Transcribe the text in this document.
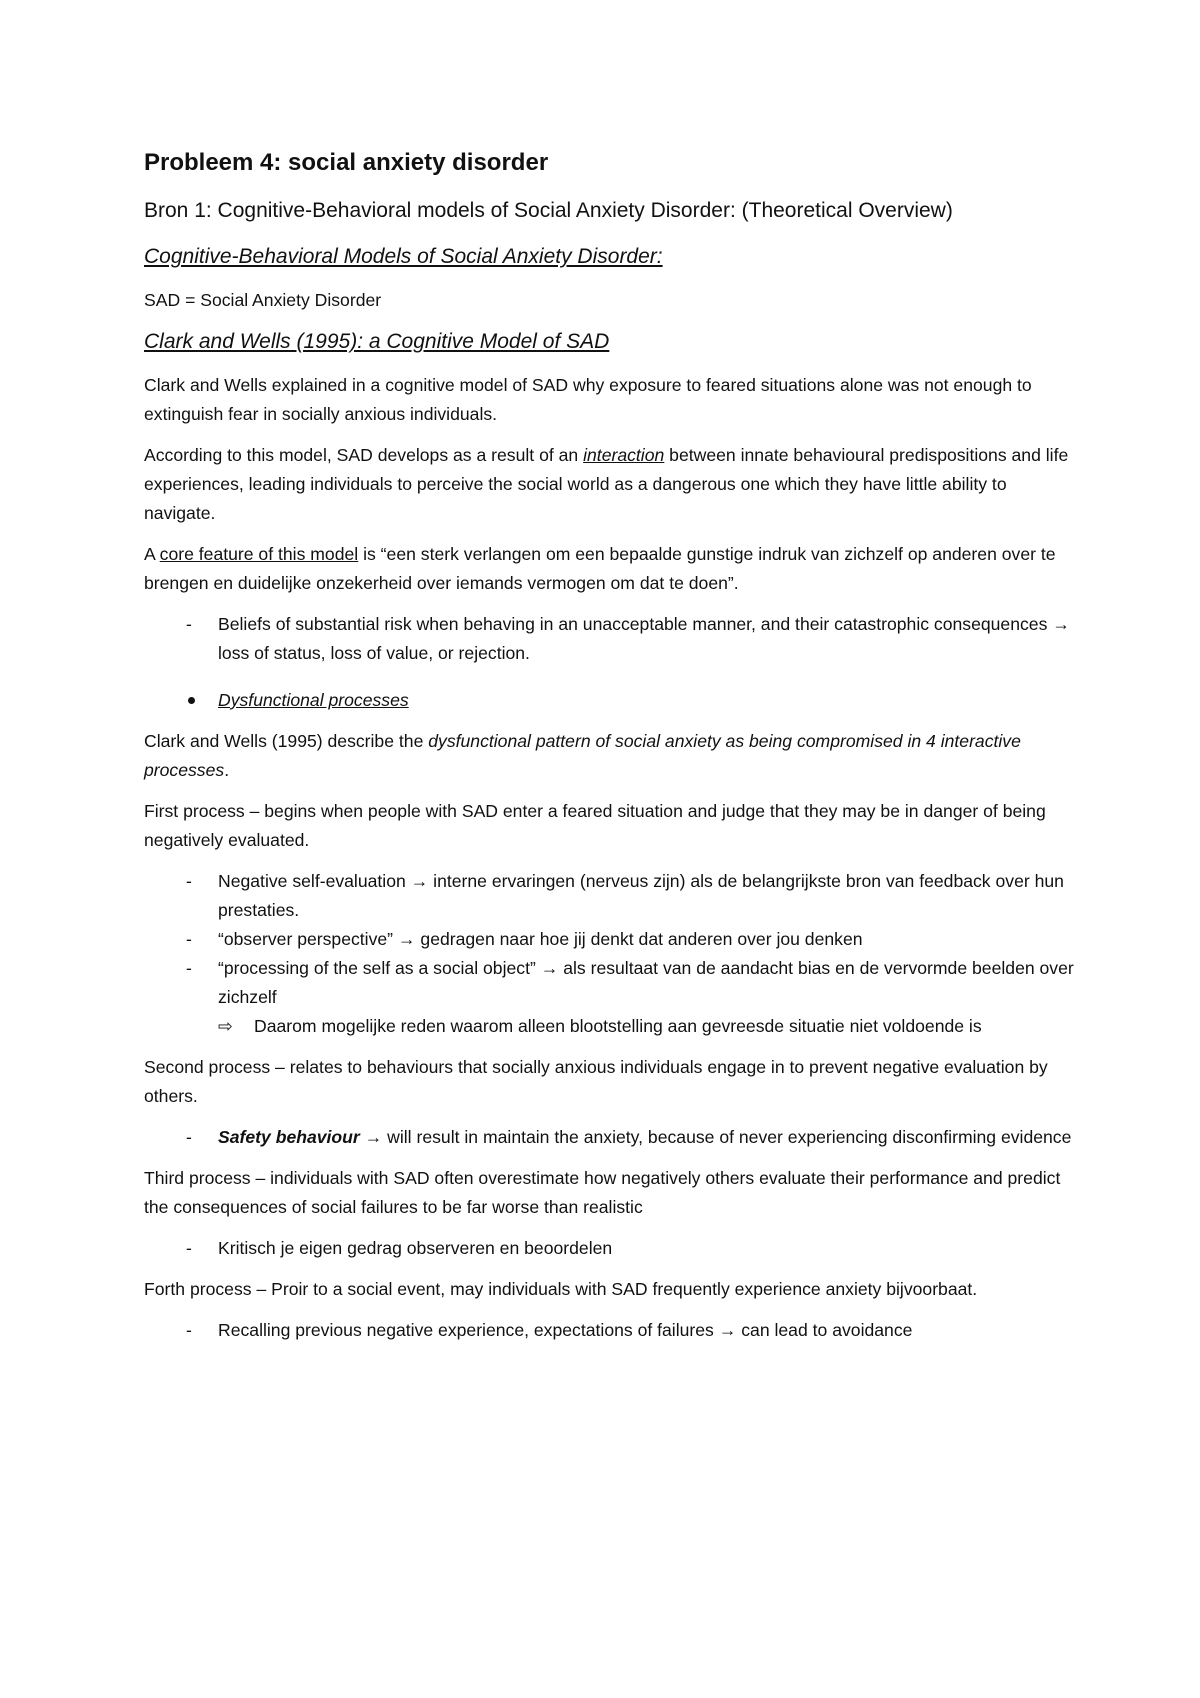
Probleem 4: social anxiety disorder
Bron 1: Cognitive-Behavioral models of Social Anxiety Disorder: (Theoretical Overview)
Cognitive-Behavioral Models of Social Anxiety Disorder:

SAD = Social Anxiety Disorder

Clark and Wells (1995): a Cognitive Model of SAD

Clark and Wells explained in a cognitive model of SAD why exposure to feared situations alone was not enough to extinguish fear in socially anxious individuals.

According to this model, SAD develops as a result of an interaction between innate behavioural predispositions and life experiences, leading individuals to perceive the social world as a dangerous one which they have little ability to navigate.

A core feature of this model is “een sterk verlangen om een bepaalde gunstige indruk van zichzelf op anderen over te brengen en duidelijke onzekerheid over iemands vermogen om dat te doen”.

- Beliefs of substantial risk when behaving in an unacceptable manner, and their catastrophic consequences → loss of status, loss of value, or rejection.
Dysfunctional processes

Clark and Wells (1995) describe the dysfunctional pattern of social anxiety as being compromised in 4 interactive processes.

First process – begins when people with SAD enter a feared situation and judge that they may be in danger of being negatively evaluated.

- Negative self-evaluation → interne ervaringen (nerveus zijn) als de belangrijkste bron van feedback over hun prestaties.
- “observer perspective” → gedragen naar hoe jij denkt dat anderen over jou denken
- “processing of the self as a social object” → als resultaat van de aandacht bias en de vervormde beelden over zichzelf
⇨ Daarom mogelijke reden waarom alleen blootstelling aan gevreesde situatie niet voldoende is

Second process – relates to behaviours that socially anxious individuals engage in to prevent negative evaluation by others.

- Safety behaviour → will result in maintain the anxiety, because of never experiencing disconfirming evidence

Third process – individuals with SAD often overestimate how negatively others evaluate their performance and predict the consequences of social failures to be far worse than realistic

- Kritisch je eigen gedrag observeren en beoordelen

Forth process – Proir to a social event, may individuals with SAD frequently experience anxiety bijvoorbaat.

- Recalling previous negative experience, expectations of failures → can lead to avoidance
